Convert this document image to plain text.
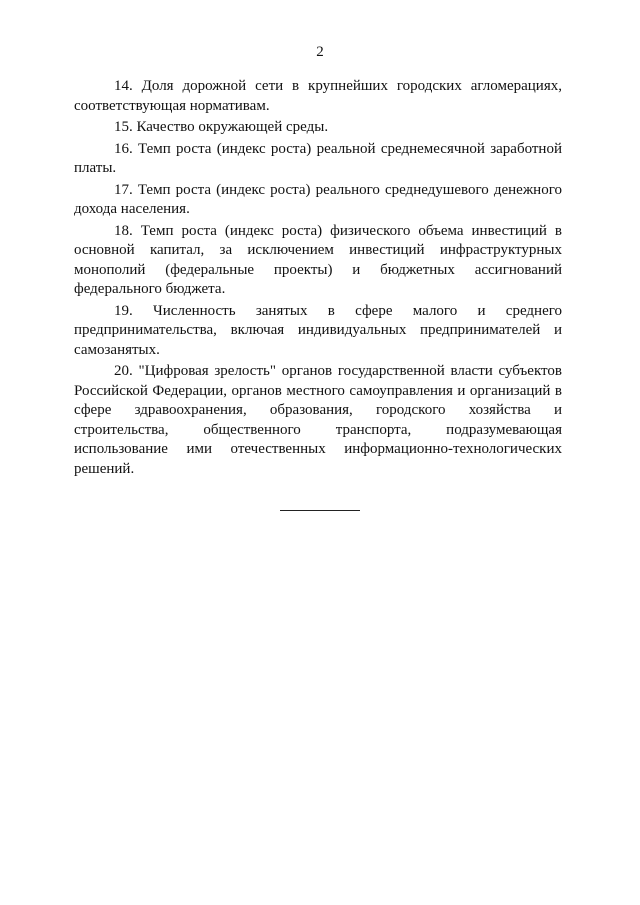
2

14. Доля дорожной сети в крупнейших городских агломерациях, соответствующая нормативам.

15. Качество окружающей среды.

16. Темп роста (индекс роста) реальной среднемесячной заработной платы.

17. Темп роста (индекс роста) реального среднедушевого денежного дохода населения.

18. Темп роста (индекс роста) физического объема инвестиций в основной капитал, за исключением инвестиций инфраструктурных монополий (федеральные проекты) и бюджетных ассигнований федерального бюджета.

19. Численность занятых в сфере малого и среднего предпринимательства, включая индивидуальных предпринимателей и самозанятых.

20. "Цифровая зрелость" органов государственной власти субъектов Российской Федерации, органов местного самоуправления и организаций в сфере здравоохранения, образования, городского хозяйства и строительства, общественного транспорта, подразумевающая использование ими отечественных информационно-технологических решений.
